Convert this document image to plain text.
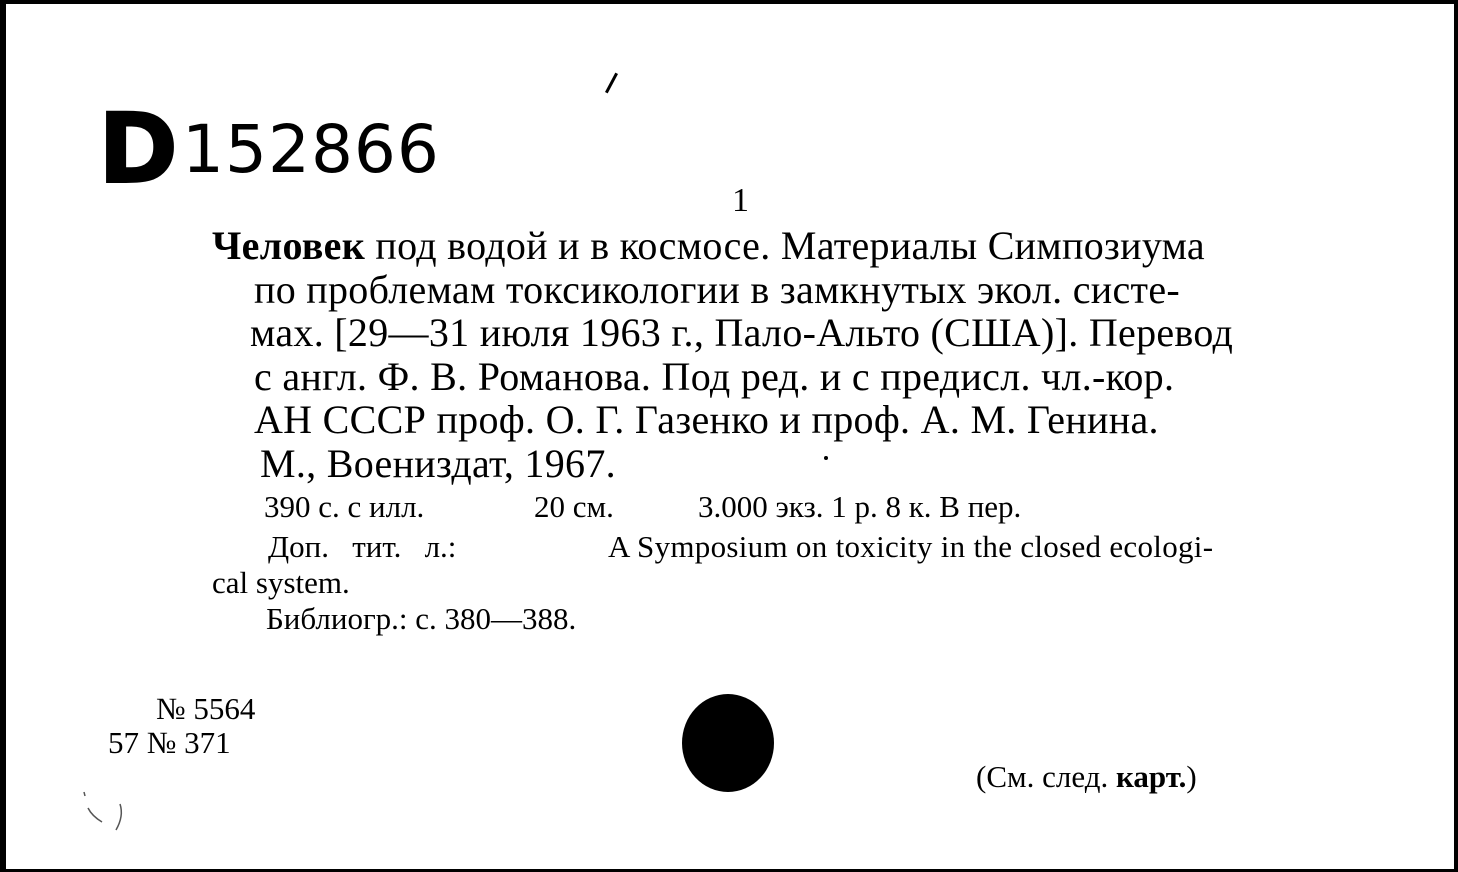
D152866

1
Человек под водой и в космосе. Материалы Симпозиума
по проблемам токсикологии в замкнутых экол. систе-
мах. [29—31 июля 1963 г., Пало-Альто (США)]. Перевод
с англ. Ф. В. Романова. Под ред. и с предисл. чл.-кор.
АН СССР проф. О. Г. Газенко и проф. А. М. Генина.
М., Воениздат, 1967.
390 с. с илл.	20 см.	3.000 экз. 1 р. 8 к. В пер.
Доп.   тит.   л.:	A Symposium on toxicity in the closed ecologi-
cal system.
Библиогр.: с. 380—388.
№ 5564
57 № 371
(См. след. карт.)
